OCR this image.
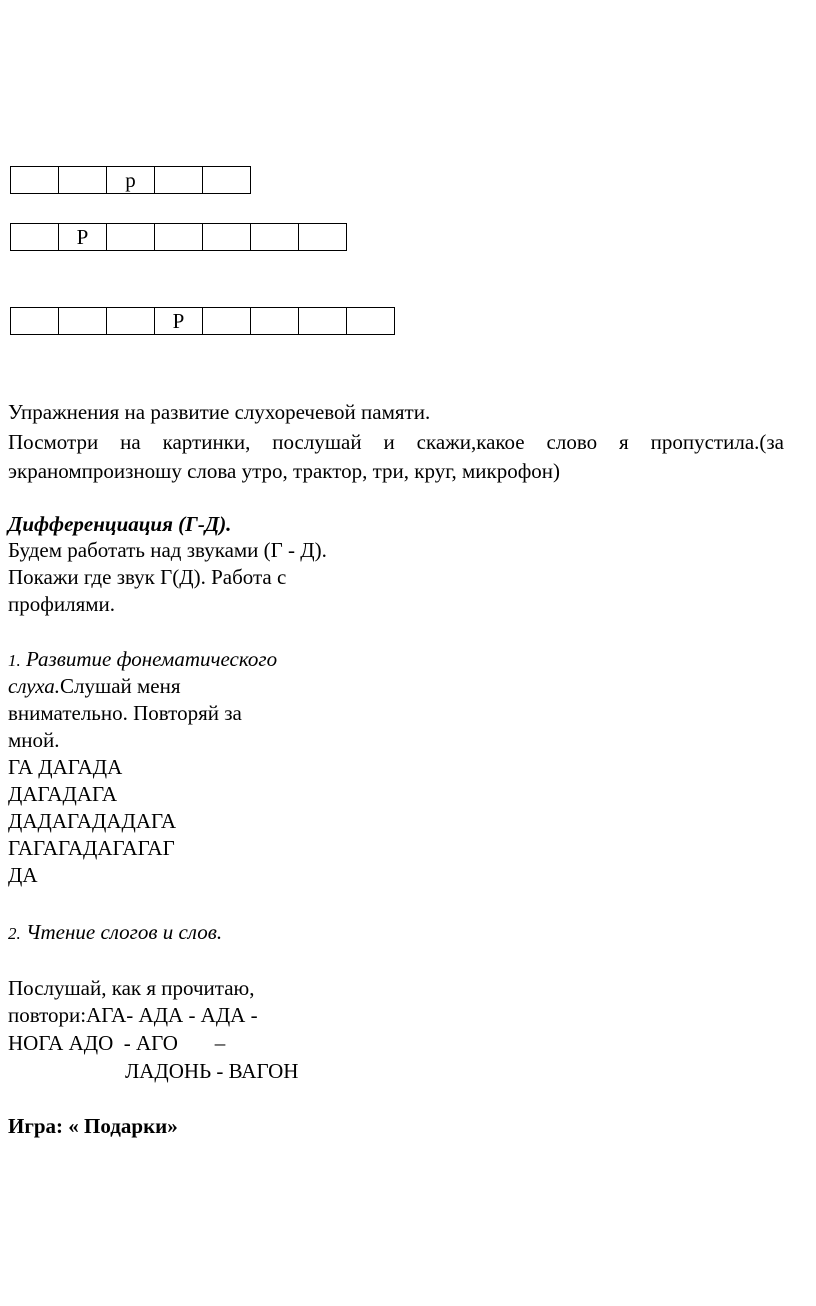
		р		
	Р					
			Р				
Упражнения на развитие слухоречевой памяти.
Посмотри на картинки, послушай и скажи,какое слово я пропустила.(за
экраномпроизношу слова утро, трактор, три, круг, микрофон)
Дифференциация (Г-Д).
Будем работать над звуками (Г - Д).
Покажи где звук Г(Д). Работа с
профилями.
1. Развитие фонематического
слуха.Слушай меня
внимательно. Повторяй за
мной.
ГА ДАГАДА
ДАГАДАГА
ДАДАГАДАДАГА
ГАГАГАДАГАГАГ
ДА
2. Чтение слогов и слов.
Послушай, как я прочитаю,
повтори:АГА- АДА - АДА -
НОГА АДО  - АГО       –
ЛАДОНЬ - ВАГОН
Игра: « Подарки»
